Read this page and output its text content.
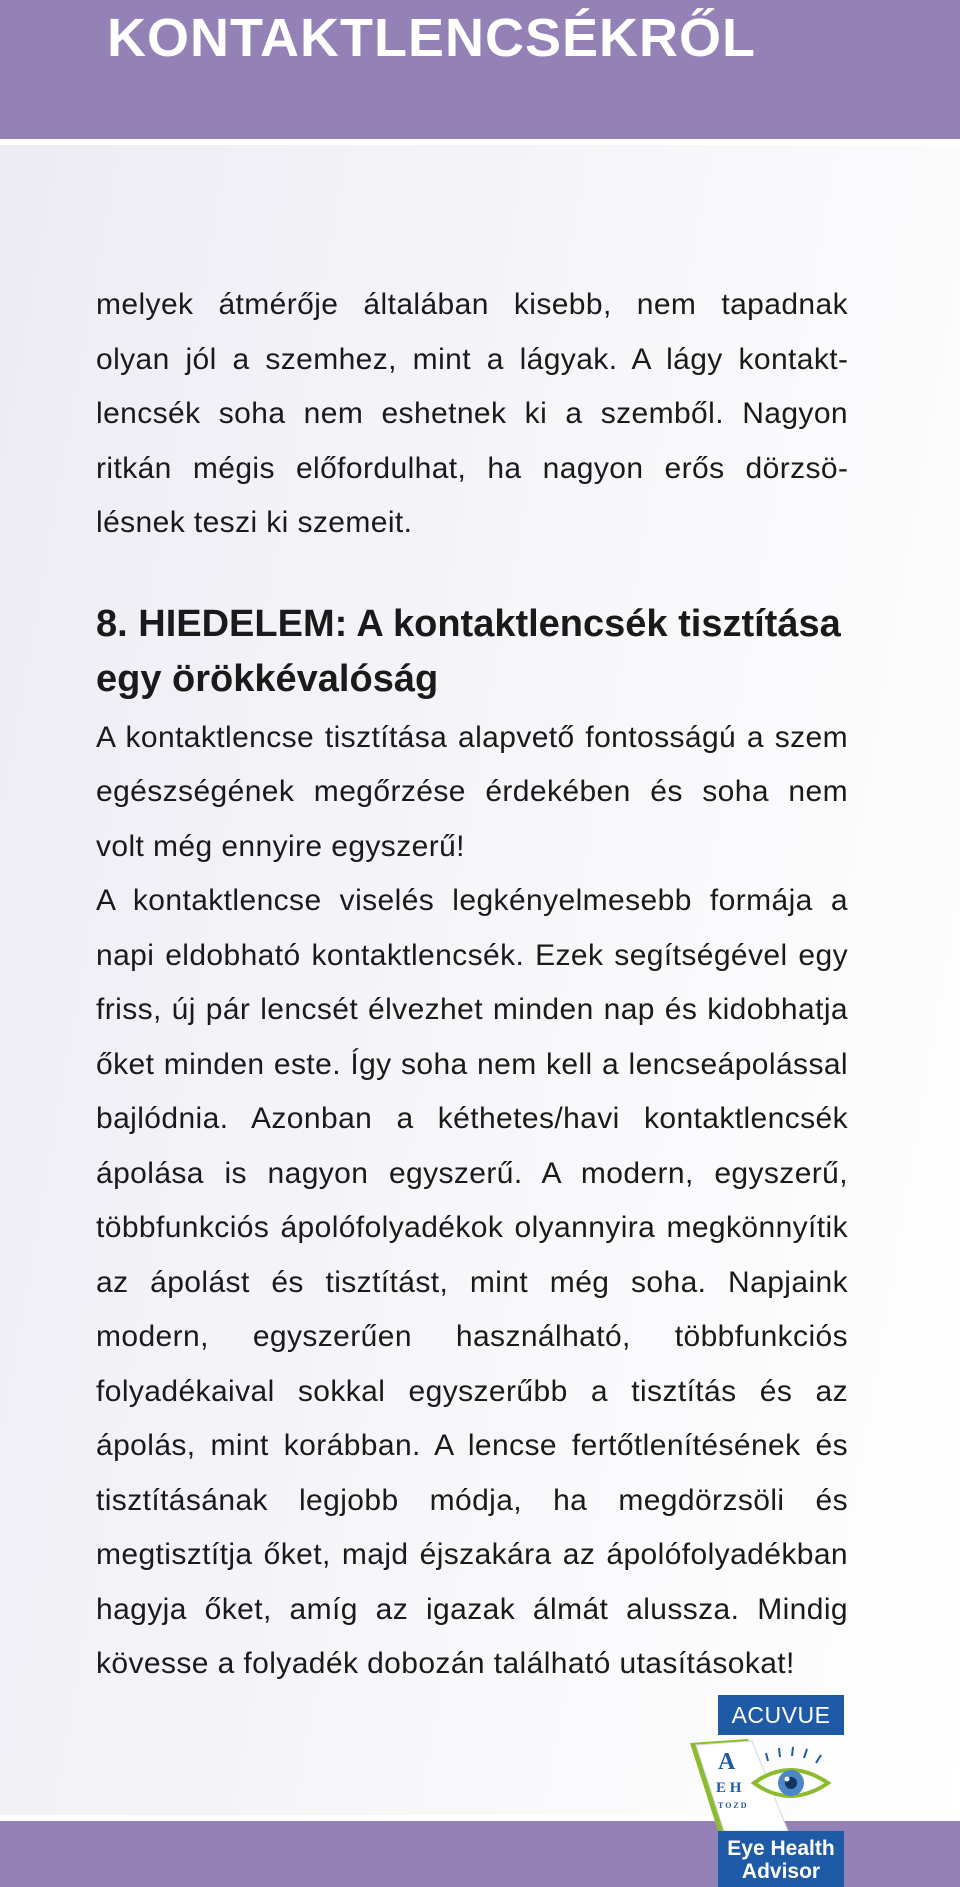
KONTAKTLENCSÉKRŐL

melyek átmérője általában kisebb, nem tapadnak olyan jól a szemhez, mint a lágyak. A lágy kontaktlencsék soha nem eshetnek ki a szemből. Nagyon ritkán mégis előfordulhat, ha nagyon erős dörzsölésnek teszi ki szemeit.

8. HIEDELEM: A kontaktlencsék tisztítása egy örökkévalóság

A kontaktlencse tisztítása alapvető fontosságú a szem egészségének megőrzése érdekében és soha nem volt még ennyire egyszerű!

A kontaktlencse viselés legkényelmesebb formája a napi eldobható kontaktlencsék. Ezek segítségével egy friss, új pár lencsét élvezhet minden nap és kidobhatja őket minden este. Így soha nem kell a lencseápolással bajlódnia. Azonban a kéthetes/havi kontaktlencsék ápolása is nagyon egyszerű. A modern, egyszerű, többfunkciós ápolófolyadékok olyannyira megkönnyítik az ápolást és tisztítást, mint még soha. Napjaink modern, egyszerűen használható, többfunkciós folyadékaival sokkal egyszerűbb a tisztítás és az ápolás, mint korábban. A lencse fertőtlenítésének és tisztításának legjobb módja, ha megdörzsöli és megtisztítja őket, majd éjszakára az ápolófolyadékban hagyja őket, amíg az igazak álmát alussza. Mindig kövesse a folyadék dobozán található utasításokat!

ACUVUE
A
E H
T O Z D
Eye Health
Advisor
